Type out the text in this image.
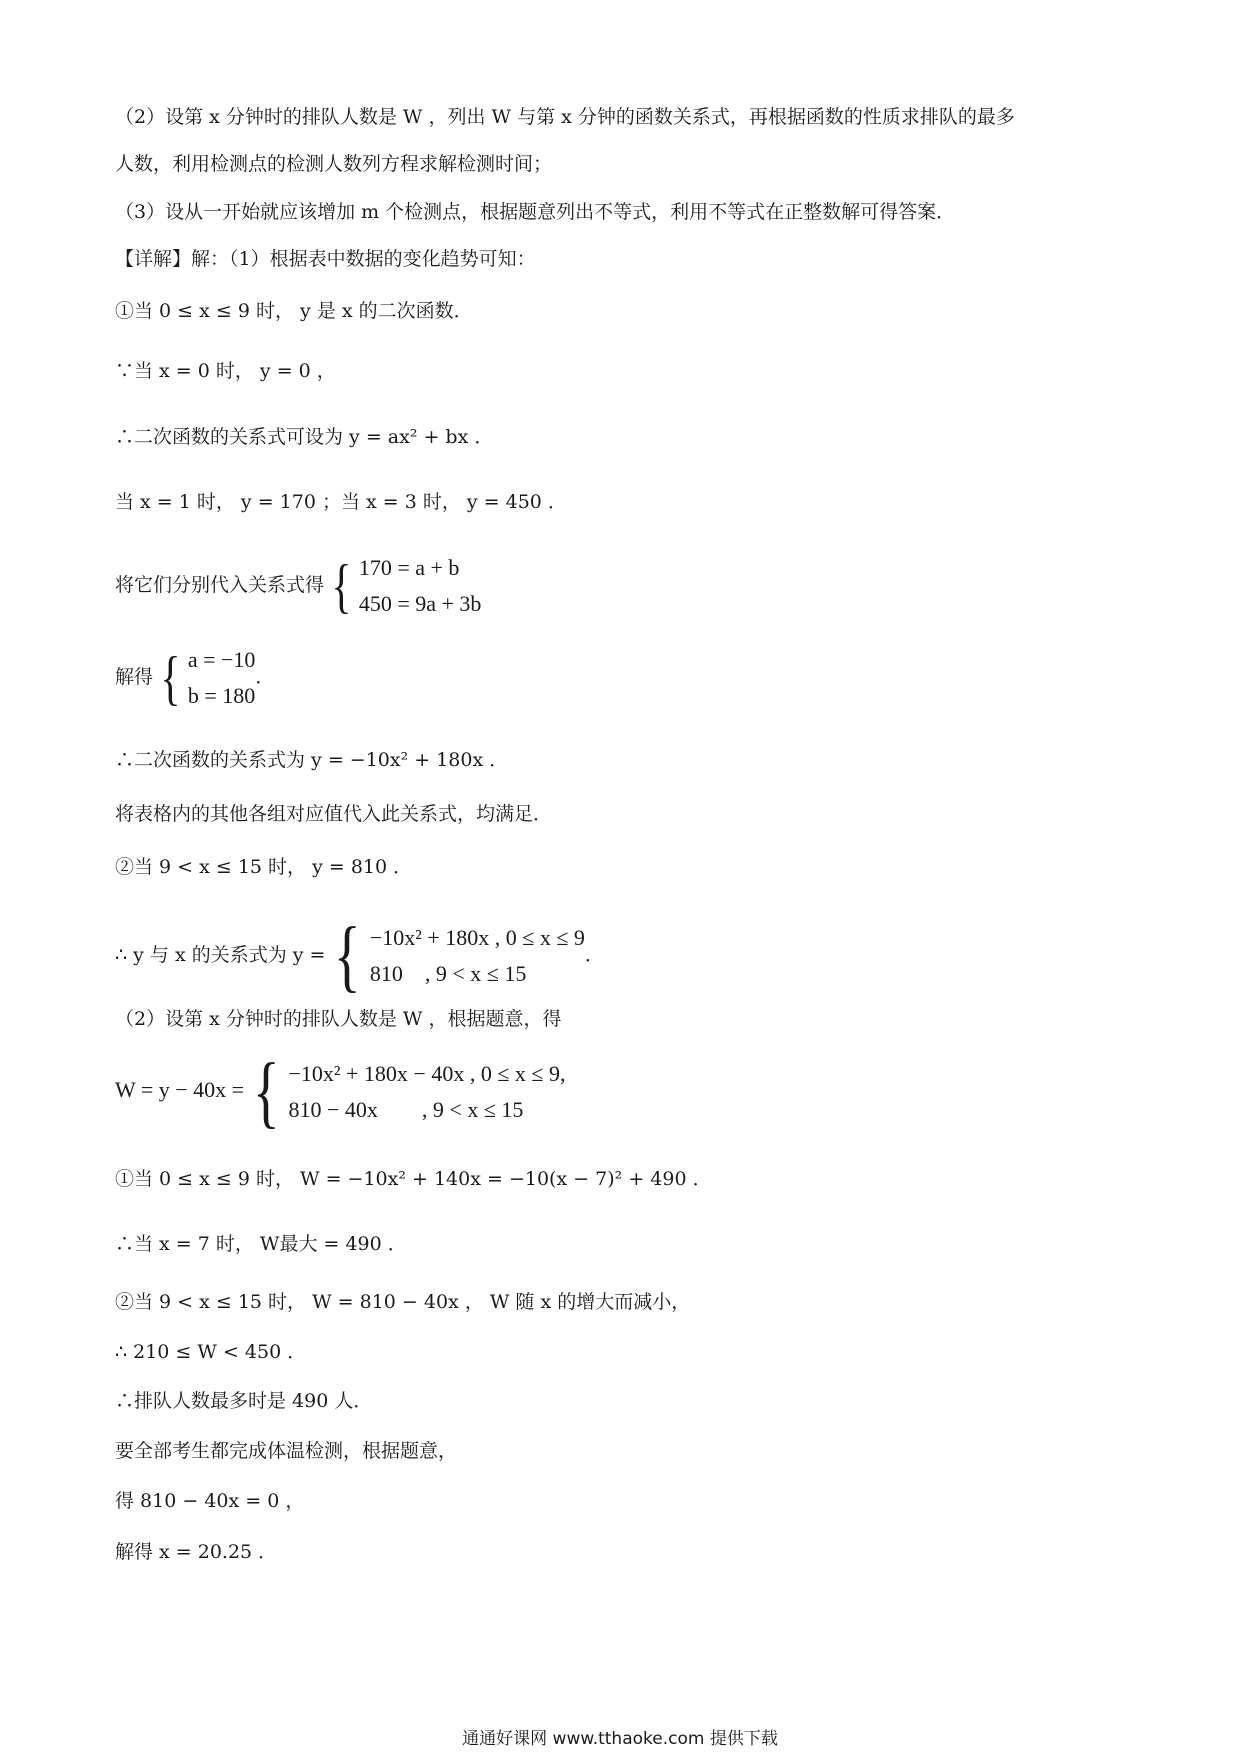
（2）设第 x 分钟时的排队人数是 W ，列出 W 与第 x 分钟的函数关系式，再根据函数的性质求排队的最多
人数，利用检测点的检测人数列方程求解检测时间；
（3）设从一开始就应该增加 m 个检测点，根据题意列出不等式，利用不等式在正整数解可得答案．
【详解】解：（1）根据表中数据的变化趋势可知：
①当 0 ≤ x ≤ 9 时， y 是 x 的二次函数．
∵当 x = 0 时， y = 0 ，
∴二次函数的关系式可设为 y = ax² + bx ．
当 x = 1 时， y = 170 ；当 x = 3 时， y = 450 ．
将它们分别代入关系式得 { 170 = a + b
450 = 9a + 3b
解得 { a = −10
b = 180
．
∴二次函数的关系式为 y = −10x² + 180x ．
将表格内的其他各组对应值代入此关系式，均满足．
②当 9 < x ≤ 15 时， y = 810 ．
∴ y 与 x 的关系式为 y = { −10x² + 180x , 0 ≤ x ≤ 9
810　, 9 < x ≤ 15
．
（2）设第 x 分钟时的排队人数是 W ，根据题意，得
W = y − 40x = { −10x² + 180x − 40x , 0 ≤ x ≤ 9,
810 − 40x　　, 9 < x ≤ 15
①当 0 ≤ x ≤ 9 时， W = −10x² + 140x = −10(x − 7)² + 490 ．
∴当 x = 7 时， W最大 = 490 ．
②当 9 < x ≤ 15 时， W = 810 − 40x ， W 随 x 的增大而减小，
∴ 210 ≤ W < 450 ．
∴排队人数最多时是 490 人．
要全部考生都完成体温检测，根据题意，
得 810 − 40x = 0 ，
解得 x = 20.25 ．
通通好课网 www.tthaoke.com 提供下载
